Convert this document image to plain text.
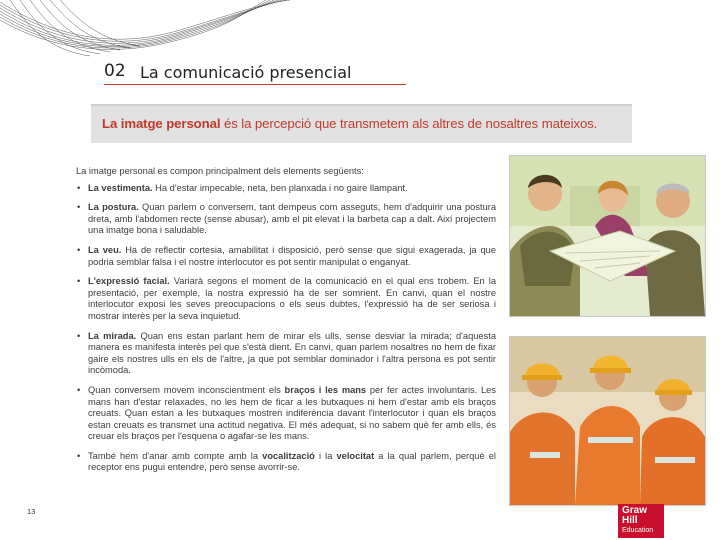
02 La comunicació presencial
La imatge personal és la percepció que transmetem als altres de nosaltres mateixos.

La imatge personal es compon principalment dels elements següents:

• La vestimenta. Ha d'estar impecable, neta, ben planxada i no gaire llampant.
• La postura. Quan parlem o conversem, tant dempeus com asseguts, hem d'adquirir una postura dreta, amb l'abdomen recte (sense abusar), amb el pit elevat i la barbeta cap a dalt. Així projectem una imatge bona i saludable.
• La veu. Ha de reflectir cortesia, amabilitat i disposició, però sense que sigui exagerada, ja que podria semblar falsa i el nostre interlocutor es pot sentir manipulat o enganyat.
• L'expressió facial. Variarà segons el moment de la comunicació en el qual ens trobem. En la presentació, per exemple, la nostra expressió ha de ser somrient. En canvi, quan el nostre interlocutor exposi les seves preocupacions o els seus dubtes, l'expressió ha de ser seriosa i mostrar interès per la seva inquietud.
• La mirada. Quan ens estan parlant hem de mirar els ulls, sense desviar la mirada; d'aquesta manera es manifesta interès pel que s'està dient. En canvi, quan parlem nosaltres no hem de fixar gaire els nostres ulls en els de l'altre, ja que pot semblar dominador i l'altra persona es pot sentir incòmoda.
• Quan conversem movem inconscientment els braços i les mans per fer actes involuntaris. Les mans han d'estar relaxades, no les hem de ficar a les butxaques ni hem d'estar amb els braços creuats. Quan estan a les butxaques mostren indiferència davant l'interlocutor i quan els braços estan creuats es transmet una actitud negativa. El més adequat, si no sabem què fer amb ells, és creuar els braços per l'esquena o agafar-se les mans.
• També hem d'anar amb compte amb la vocalització i la velocitat a la qual parlem, perquè el receptor ens pugui entendre, però sense avorrir-se.
13	Graw
Hill
Education
